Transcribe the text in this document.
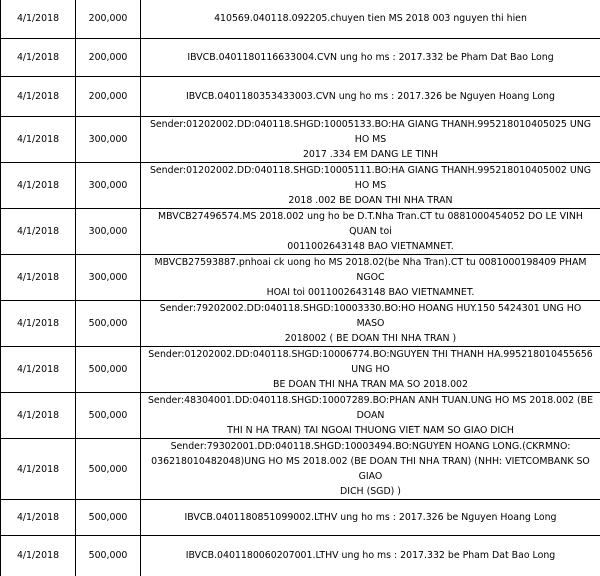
4/1/2018	200,000	410569.040118.092205.chuyen tien MS 2018 003 nguyen thi hien

4/1/2018	200,000	IBVCB.0401180116633004.CVN ung ho ms : 2017.332 be Pham Dat Bao Long

4/1/2018	200,000	IBVCB.0401180353433003.CVN ung ho ms : 2017.326 be Nguyen Hoang Long

4/1/2018	300,000	Sender:01202002.DD:040118.SHGD:10005133.BO:HA GIANG THANH.995218010405025 UNG HO MS
2017 .334 EM DANG LE TINH

4/1/2018	300,000	Sender:01202002.DD:040118.SHGD:10005111.BO:HA GIANG THANH.995218010405002 UNG HO MS
2018 .002 BE DOAN THI NHA TRAN

4/1/2018	300,000	MBVCB27496574.MS 2018.002 ung ho be D.T.Nha Tran.CT tu 0881000454052 DO LE VINH QUAN toi
0011002643148 BAO VIETNAMNET.

4/1/2018	300,000	MBVCB27593887.pnhoai ck uong ho MS 2018.02(be Nha Tran).CT tu 0081000198409 PHAM NGOC
HOAI toi 0011002643148 BAO VIETNAMNET.

4/1/2018	500,000	Sender:79202002.DD:040118.SHGD:10003330.BO:HO HOANG HUY.150 5424301 UNG HO MASO
2018002 ( BE DOAN THI NHA TRAN )

4/1/2018	500,000	Sender:01202002.DD:040118.SHGD:10006774.BO:NGUYEN THI THANH HA.995218010455656 UNG HO
BE DOAN THI NHA TRAN MA SO 2018.002

4/1/2018	500,000	Sender:48304001.DD:040118.SHGD:10007289.BO:PHAN ANH TUAN.UNG HO MS 2018.002 (BE DOAN
THI N HA TRAN) TAI NGOAI THUONG VIET NAM SO GIAO DICH

4/1/2018	500,000	Sender:79302001.DD:040118.SHGD:10003494.BO:NGUYEN HOANG LONG.(CKRMNO:
036218010482048)UNG HO MS 2018.002 (BE DOAN THI NHA TRAN) (NHH: VIETCOMBANK SO GIAO
DICH (SGD) )

4/1/2018	500,000	IBVCB.0401180851099002.LTHV ung ho ms : 2017.326 be Nguyen Hoang Long

4/1/2018	500,000	IBVCB.0401180060207001.LTHV ung ho ms : 2017.332 be Pham Dat Bao Long
